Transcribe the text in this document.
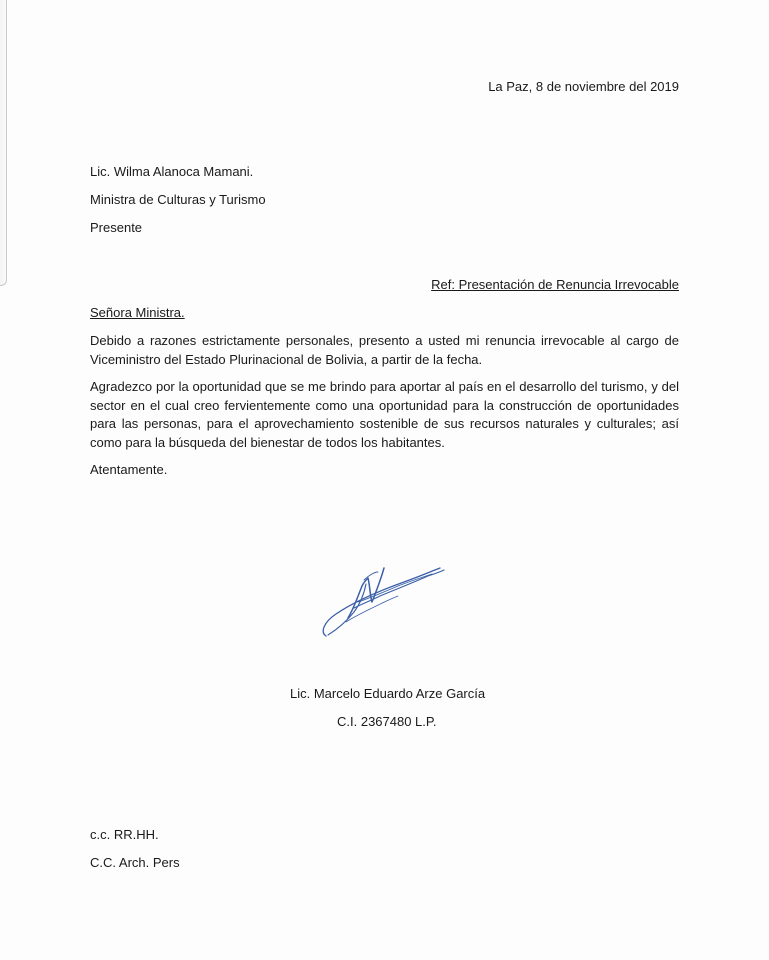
La Paz, 8 de noviembre del 2019
Lic. Wilma Alanoca Mamani.
Ministra de Culturas y Turismo
Presente
Ref: Presentación de Renuncia Irrevocable
Señora Ministra.
Debido a razones estrictamente personales, presento a usted mi renuncia irrevocable al cargo de Viceministro del Estado Plurinacional de Bolivia, a partir de la fecha.
Agradezco por la oportunidad que se me brindo para aportar al país en el desarrollo del turismo, y del sector en el cual creo fervientemente como una oportunidad para la construcción de oportunidades para las personas, para el aprovechamiento sostenible de sus recursos naturales y culturales; así como para la búsqueda del bienestar de todos los habitantes.
Atentamente.
Lic. Marcelo Eduardo Arze García
C.I. 2367480 L.P.
c.c. RR.HH.
C.C. Arch. Pers
